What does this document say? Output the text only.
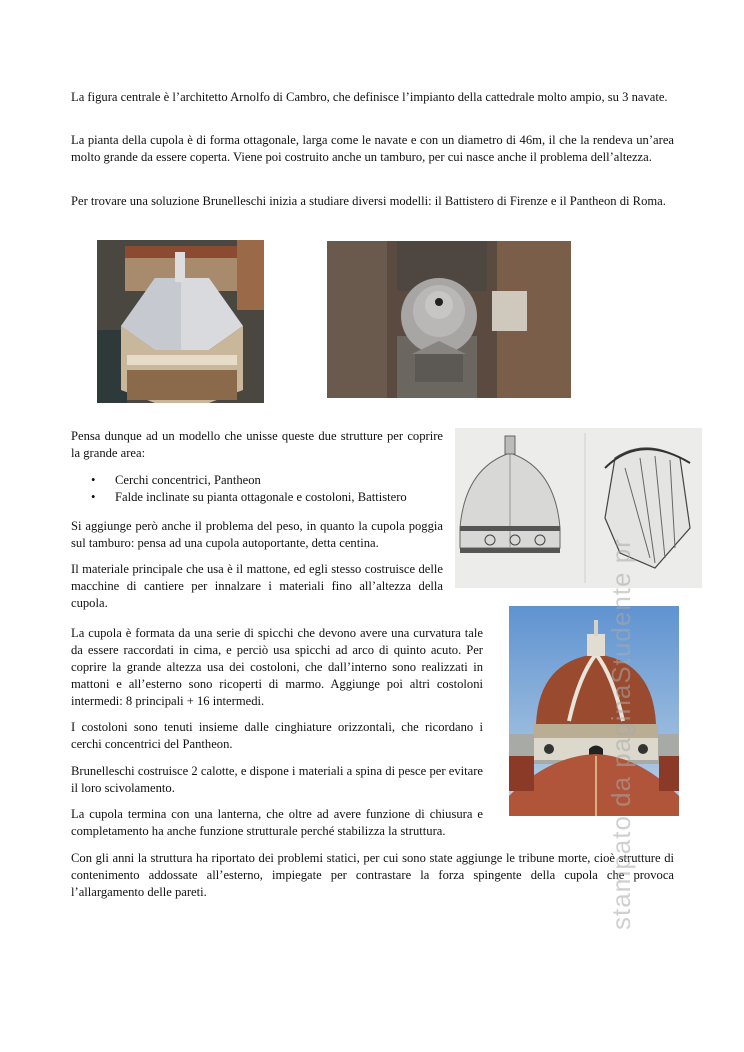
La figura centrale è l’architetto Arnolfo di Cambro, che definisce l’impianto della cattedrale molto ampio, su 3 navate.

La pianta della cupola è di forma ottagonale, larga come le navate e con un diametro di 46m, il che la rendeva un’area molto grande da essere coperta. Viene poi costruito anche un tamburo, per cui nasce anche il problema dell’altezza.

Per trovare una soluzione Brunelleschi inizia a studiare diversi modelli: il Battistero di Firenze e il Pantheon di Roma.

Pensa dunque ad un modello che unisse queste due strutture per coprire la grande area:

• Cerchi concentrici, Pantheon
• Falde inclinate su pianta ottagonale e costoloni, Battistero

Si aggiunge però anche il problema del peso, in quanto la cupola poggia sul tamburo: pensa ad una cupola autoportante, detta centina.

Il materiale principale che usa è il mattone, ed egli stesso costruisce delle macchine di cantiere per innalzare i materiali fino all’altezza della cupola.

La cupola è formata da una serie di spicchi che devono avere una curvatura tale da essere raccordati in cima, e perciò usa spicchi ad arco di quinto acuto. Per coprire la grande altezza usa dei costoloni, che dall’interno sono realizzati in mattoni e all’esterno sono ricoperti di marmo. Aggiunge poi altri costoloni intermedi: 8 principali + 16 intermedi.

I costoloni sono tenuti insieme dalle cinghiature orizzontali, che ricordano i cerchi concentrici del Pantheon.

Brunelleschi costruisce 2 calotte, e dispone i materiali a spina di pesce per evitare il loro scivolamento.

La cupola termina con una lanterna, che oltre ad avere funzione di chiusura e completamento ha anche funzione strutturale perché stabilizza la struttura.

Con gli anni la struttura ha riportato dei problemi statici, per cui sono state aggiunge le tribune morte, cioè strutture di contenimento addossate all’esterno, impiegate per contrastare la forza spingente della cupola che provoca l’allargamento delle pareti.	stampato da paginaStudente pr
